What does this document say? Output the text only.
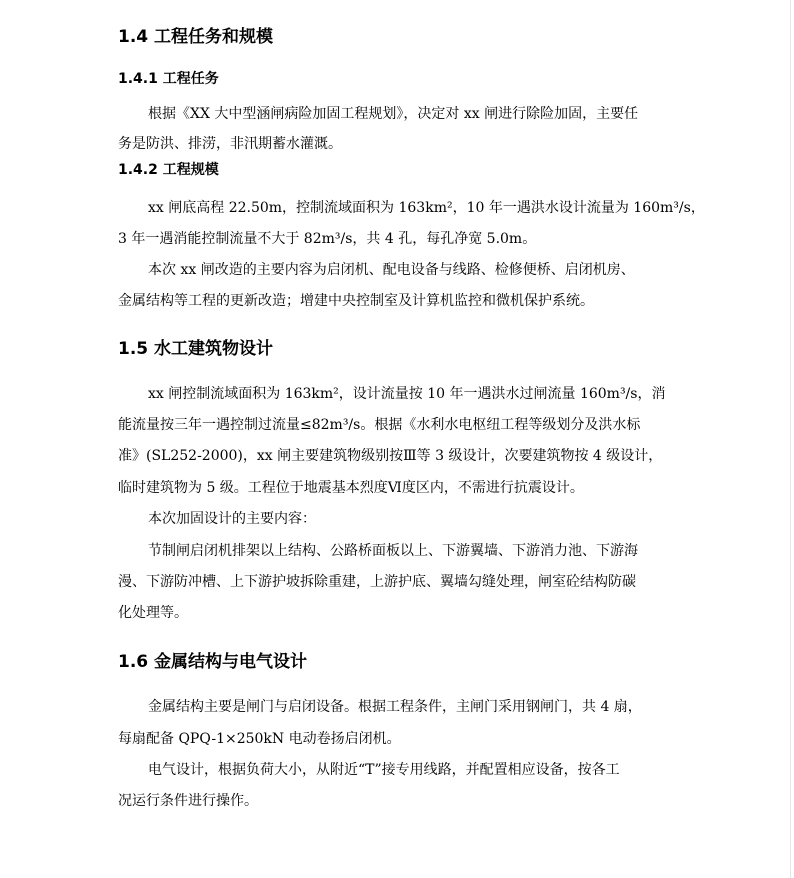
1.4 工程任务和规模
1.4.1 工程任务
根据《XX 大中型涵闸病险加固工程规划》，决定对 xx 闸进行除险加固，主要任
务是防洪、排涝，非汛期蓄水灌溉。
1.4.2 工程规模
xx 闸底高程 22.50m，控制流域面积为 163km²，10 年一遇洪水设计流量为 160m³/s，
3 年一遇消能控制流量不大于 82m³/s，共 4 孔，每孔净宽 5.0m。
本次 xx 闸改造的主要内容为启闭机、配电设备与线路、检修便桥、启闭机房、
金属结构等工程的更新改造；增建中央控制室及计算机监控和微机保护系统。
1.5 水工建筑物设计
xx 闸控制流域面积为 163km²，设计流量按 10 年一遇洪水过闸流量 160m³/s，消
能流量按三年一遇控制过流量≤82m³/s。根据《水利水电枢纽工程等级划分及洪水标
准》(SL252-2000)，xx 闸主要建筑物级别按Ⅲ等 3 级设计，次要建筑物按 4 级设计，
临时建筑物为 5 级。工程位于地震基本烈度Ⅵ度区内，不需进行抗震设计。
本次加固设计的主要内容：
节制闸启闭机排架以上结构、公路桥面板以上、下游翼墙、下游消力池、下游海
漫、下游防冲槽、上下游护坡拆除重建，上游护底、翼墙勾缝处理，闸室砼结构防碳
化处理等。
1.6 金属结构与电气设计
金属结构主要是闸门与启闭设备。根据工程条件，主闸门采用钢闸门，共 4 扇，
每扇配备 QPQ-1×250kN 电动卷扬启闭机。
电气设计，根据负荷大小，从附近“T”接专用线路，并配置相应设备，按各工
况运行条件进行操作。
